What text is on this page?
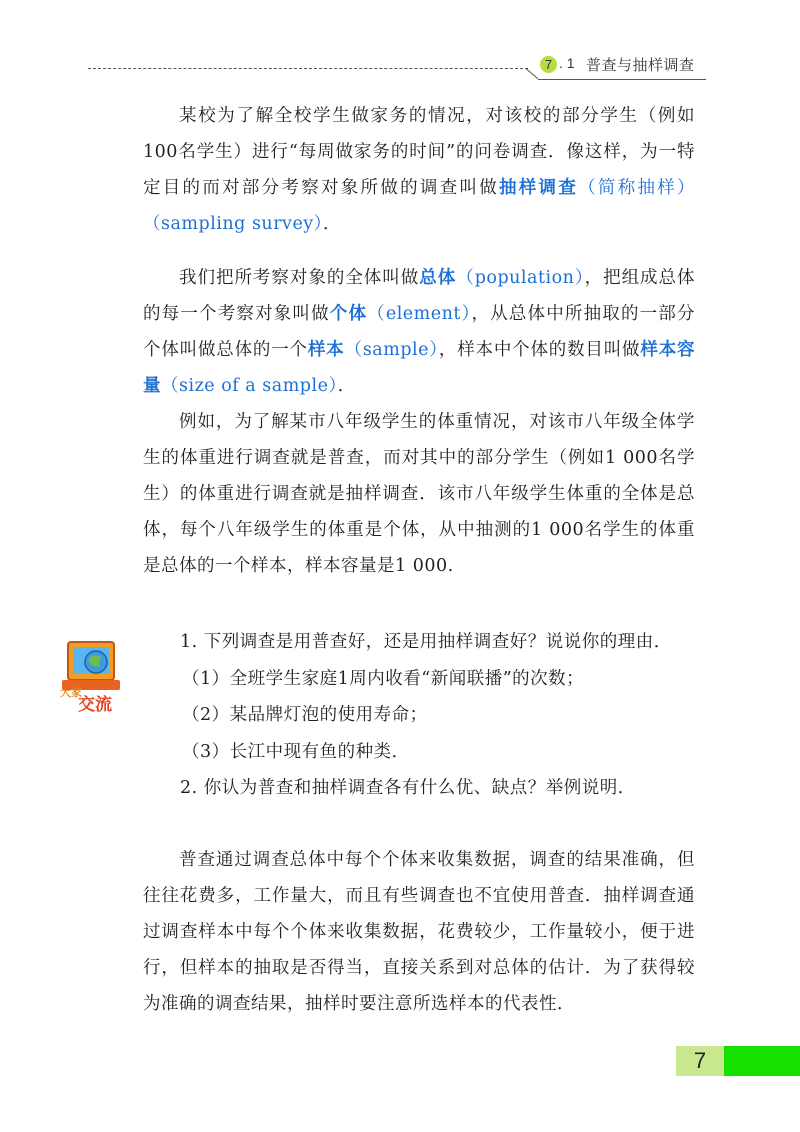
7 . 1 普查与抽样调查

某校为了解全校学生做家务的情况，对该校的部分学生（例如100名学生）进行“每周做家务的时间”的问卷调查．像这样，为一特定目的而对部分考察对象所做的调查叫做抽样调查（简称抽样）（sampling survey）．

我们把所考察对象的全体叫做总体（population），把组成总体的每一个考察对象叫做个体（element），从总体中所抽取的一部分个体叫做总体的一个样本（sample），样本中个体的数目叫做样本容量（size of a sample）．

例如，为了解某市八年级学生的体重情况，对该市八年级全体学生的体重进行调查就是普查，而对其中的部分学生（例如1 000名学生）的体重进行调查就是抽样调查．该市八年级学生体重的全体是总体，每个八年级学生的体重是个体，从中抽测的1 000名学生的体重是总体的一个样本，样本容量是1 000.

大家
交流
1. 下列调查是用普查好，还是用抽样调查好？说说你的理由．
（1）全班学生家庭1周内收看“新闻联播”的次数；
（2）某品牌灯泡的使用寿命；
（3）长江中现有鱼的种类．
2. 你认为普查和抽样调查各有什么优、缺点？举例说明．

普查通过调查总体中每个个体来收集数据，调查的结果准确，但往往花费多，工作量大，而且有些调查也不宜使用普查．抽样调查通过调查样本中每个个体来收集数据，花费较少，工作量较小，便于进行，但样本的抽取是否得当，直接关系到对总体的估计．为了获得较为准确的调查结果，抽样时要注意所选样本的代表性．

7
